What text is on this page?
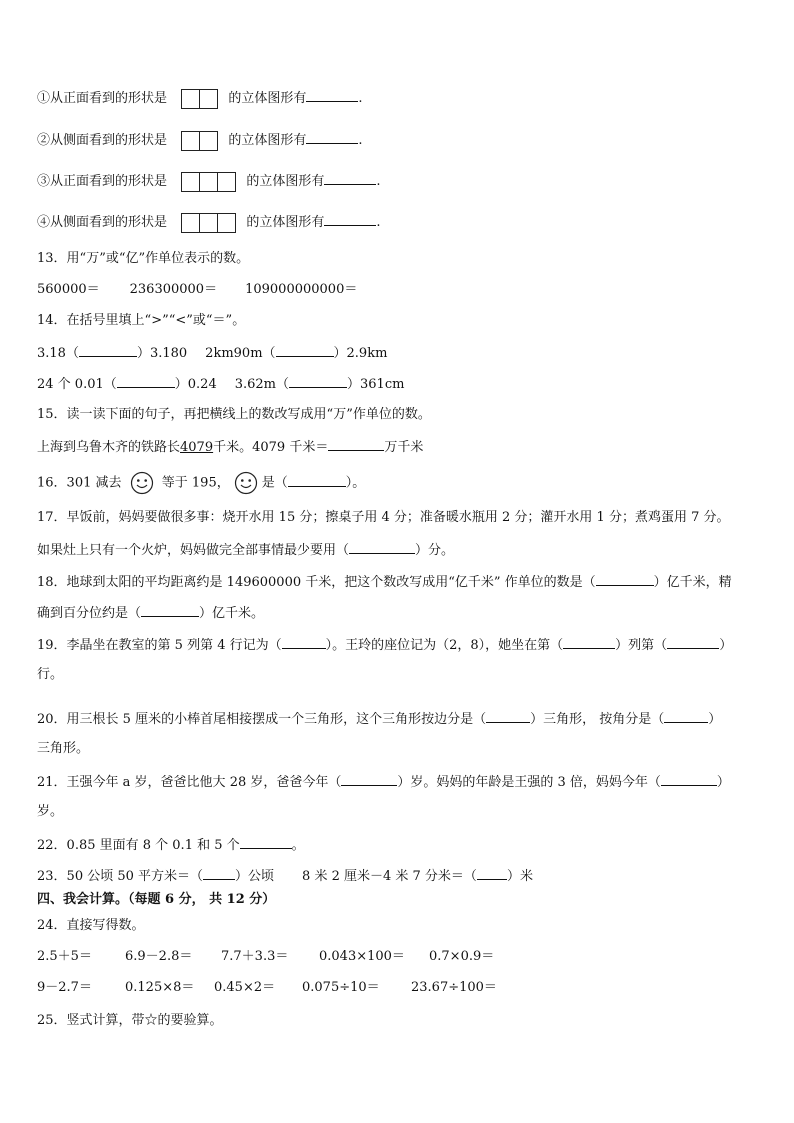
①从正面看到的形状是	的立体图形有	.
②从侧面看到的形状是	的立体图形有	.
③从正面看到的形状是	的立体图形有	.
④从侧面看到的形状是	的立体图形有	.
13．用“万”或“亿”作单位表示的数。
560000＝ 236300000＝ 109000000000＝
14．在括号里填上“>”“<”或“＝”。
3.18（	）3.180 2km90m（	）2.9km
24 个 0.01（	）0.24 3.62m（	）361cm
15．读一读下面的句子，再把横线上的数改写成用“万”作单位的数。
上海到乌鲁木齐的铁路长4079千米。4079 千米＝	万千米
16．301 减去	等于 195， 是（	）。
17．早饭前，妈妈要做很多事：烧开水用 15 分；擦桌子用 4 分；准备暖水瓶用 2 分；灌开水用 1 分；煮鸡蛋用 7 分。
如果灶上只有一个火炉，妈妈做完全部事情最少要用（	）分。
18．地球到太阳的平均距离约是 149600000 千米，把这个数改写成用“亿千米” 作单位的数是（	）亿千米，精
确到百分位约是（	）亿千米。
19．李晶坐在教室的第 5 列第 4 行记为（	）。王玲的座位记为（2，8），她坐在第（	）列第（	）
行。
20．用三根长 5 厘米的小棒首尾相接摆成一个三角形，这个三角形按边分是（	）三角形， 按角分是（	）
三角形。
21．王强今年 a 岁，爸爸比他大 28 岁，爸爸今年（	）岁。妈妈的年龄是王强的 3 倍，妈妈今年（	）
岁。
22．0.85 里面有 8 个 0.1 和 5 个	。
23．50 公顷 50 平方米＝（ ）公顷 8 米 2 厘米－4 米 7 分米＝（ ）米
四、我会计算。（每题 6 分， 共 12 分）
24．直接写得数。
2.5＋5＝	6.9－2.8＝ 7.7＋3.3＝ 0.043×100＝ 0.7×0.9＝
9－2.7＝	0.125×8＝ 0.45×2＝ 0.075÷10＝ 23.67÷100＝
25．竖式计算，带☆的要验算。
